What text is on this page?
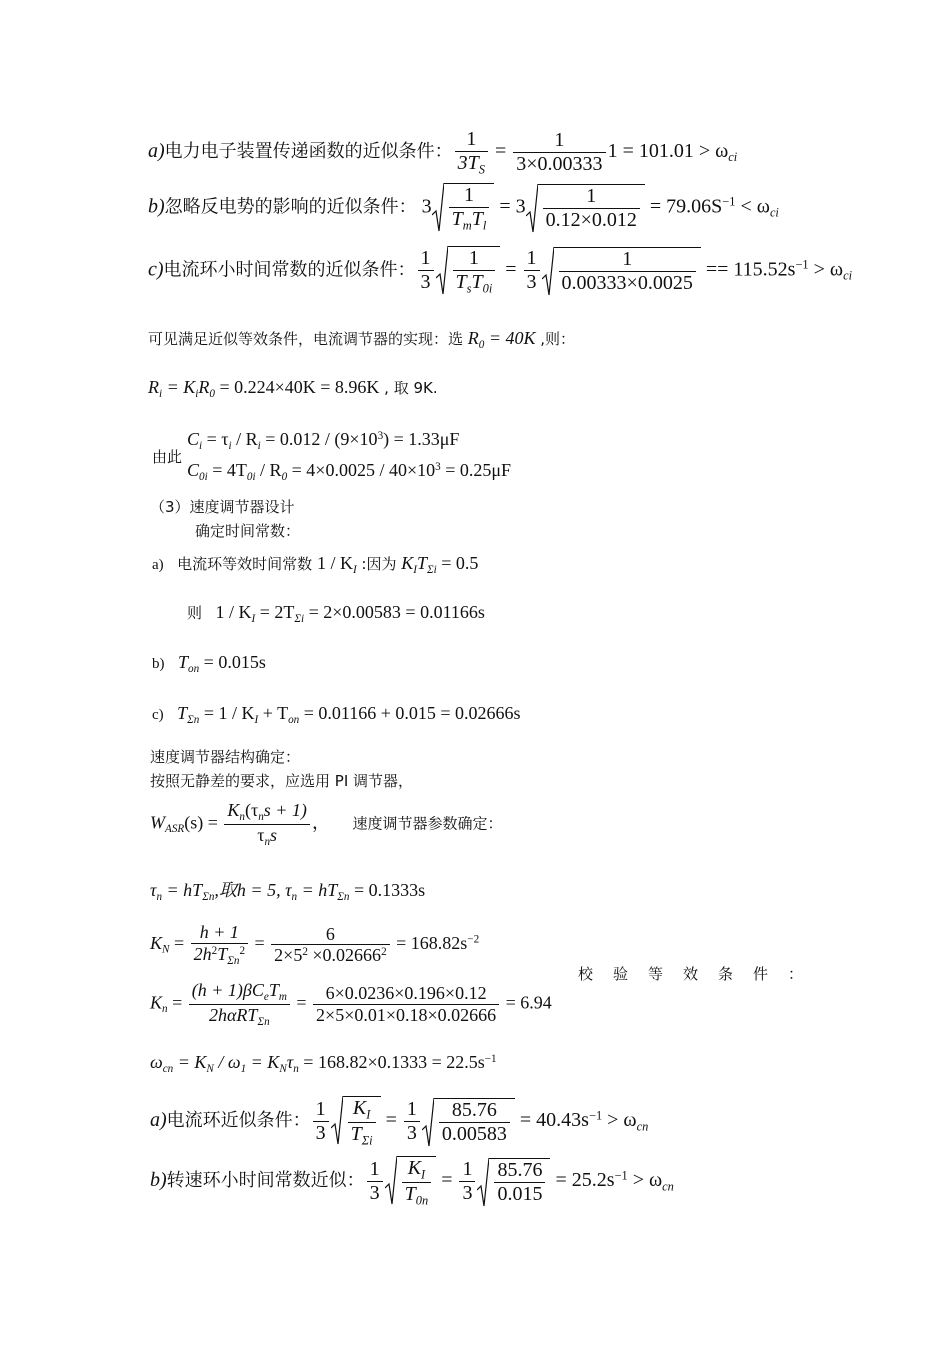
a)电力电子装置传递函数的近似条件： $\frac{1}{3T_S} = \frac{1}{3\times 0.00333} 1 = 101.01 > \omega_{ci}$
b)忽略反电势的影响的近似条件： $3 \frac{1}{T_mT_l} = 3 \frac{1}{0.12\times 0.012} = 79.06S^{-1} < \omega_{ci}$
c)电流环小时间常数的近似条件： $\frac{1}{3} \frac{1}{T_sT_{0i}} = \frac{1}{3} \frac{1}{0.00333\times 0.0025} == 115.52s^{-1} > \omega_{ci}$
可见满足近似等效条件，电流调节器的实现：选 $R_0 = 40K$ ,则：
$R_i = K_iR_0 = 0.224\times 40K = 8.96K$ , 取 9K.
由此
$C_i = \tau_i / R_i = 0.012 / (9\times 10^3) = 1.33\mu F$
$C_{0i} = 4T_{0i} / R_0 = 4\times 0.0025 / 40\times 10^3 = 0.25\mu F$
（3）速度调节器设计
确定时间常数：
a) 电流环等效时间常数 $1 / K_I$ :因为 $K_IT_{\Sigma i} = 0.5$
则 $1 / K_I = 2T_{\Sigma i} = 2\times 0.00583 = 0.01166s$
b) $T_{on} = 0.015s$
c) $T_{\Sigma n} = 1 / K_I + T_{on} = 0.01166 + 0.015 = 0.02666s$
速度调节器结构确定：
按照无静差的要求，应选用 PI 调节器，
$W_{ASR}(s) = \frac{K_n(\tau_ns + 1)}{\tau_ns}$ ， 速度调节器参数确定：
$\tau_n = hT_{\Sigma n}$,取h = 5, $\tau_n = hT_{\Sigma n} = 0.1333s$
$K_N = \frac{h + 1}{2h^2T_{\Sigma n}^2} = \frac{6}{2\times 5^2 \times 0.02666^2} = 168.82s^{-2}$
校验等效条件：
$K_n = \frac{(h + 1)\beta C_eT_m}{2h\alpha RT_{\Sigma n}} = \frac{6\times 0.0236\times 0.196\times 0.12}{2\times 5\times 0.01\times 0.18\times 0.02666} = 6.94$
$\omega_{cn} = K_N / \omega_1 = K_N\tau_n = 168.82\times 0.1333 = 22.5s^{-1}$
a)电流环近似条件： $\frac{1}{3} \frac{K_I}{T_{\Sigma i}} = \frac{1}{3} \frac{85.76}{0.00583} = 40.43s^{-1} > \omega_{cn}$
b)转速环小时间常数近似： $\frac{1}{3} \frac{K_I}{T_{0n}} = \frac{1}{3} \frac{85.76}{0.015} = 25.2s^{-1} > \omega_{cn}$
